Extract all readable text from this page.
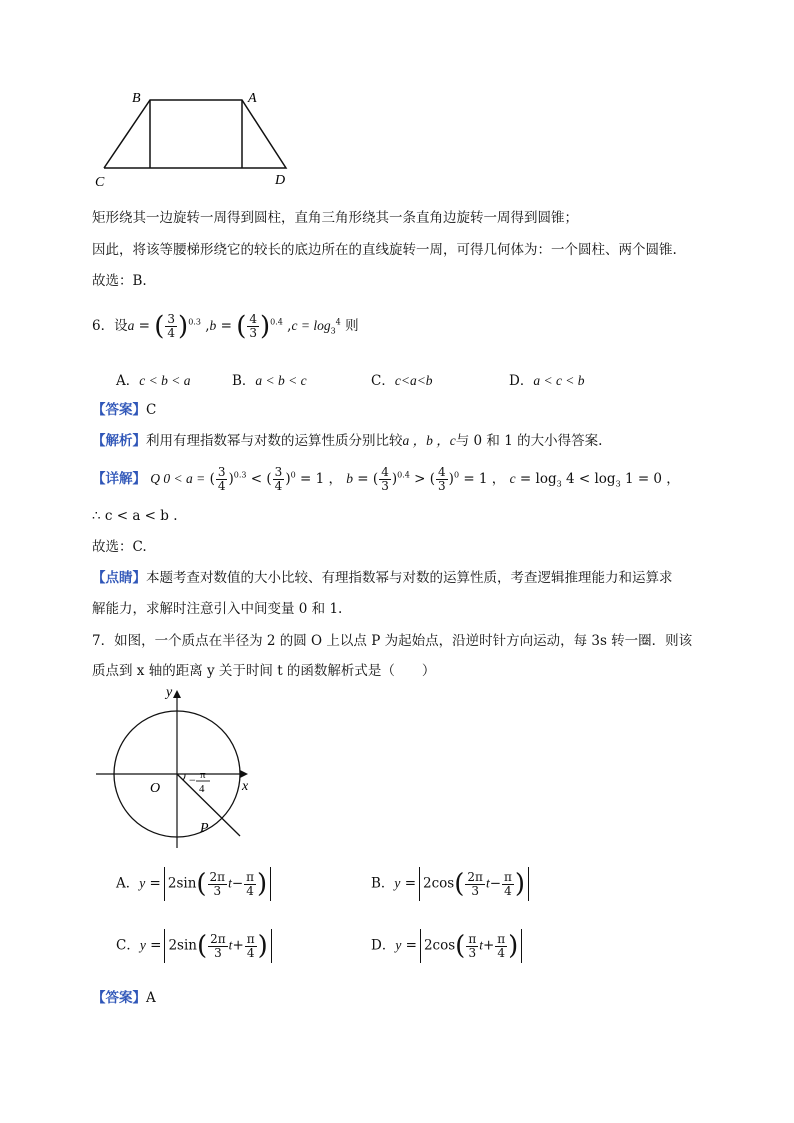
B	A
C	D
矩形绕其一边旋转一周得到圆柱，直角三角形绕其一条直角边旋转一周得到圆锥；
因此，将该等腰梯形绕它的较长的底边所在的直线旋转一周，可得几何体为：一个圆柱、两个圆锥.
故选：B.
6．设a = ( $\frac{3}{4} )^{0.3}$ ,b = ( $\frac{4}{3} )^{0.4}$ $,c = \log_3^4$ 则
A．c < b < a	B．a < b < c	C．c<a<b	D．a < c < b
【答案】C
【解析】利用有理指数幂与对数的运算性质分别比较a ，b ，c与 0 和 1 的大小得答案.
【详解】 Q 0 < a = ( $\frac{3}{4} )^{0.3}$ < ( $\frac{3}{4} )^0 = 1$ ， b = ( $\frac{4}{3} )^{0.4}$ > ( $\frac{4}{3} )^0 = 1$ ， $c = \log_3 4 < \log_3 1 = 0$ ，
∴ c < a < b .
故选：C.
【点睛】本题考查对数值的大小比较、有理指数幂与对数的运算性质，考查逻辑推理能力和运算求
解能力，求解时注意引入中间变量 0 和 1.
7．如图，一个质点在半径为 2 的圆 O 上以点 P 为起始点，沿逆时针方向运动，每 3s 转一圈．则该
质点到 x 轴的距离 y 关于时间 t 的函数解析式是（　　）
y
x
O
P
− π
4
A．$y = 2\sin( \frac{2\pi}{3} t- \frac{\pi}{4}$ )	B．$y = 2\cos( \frac{2\pi}{3} t- \frac{\pi}{4}$ )
C．$y = 2\sin( \frac{2\pi}{3} t+ \frac{\pi}{4}$ )	D．$y = 2\cos( \frac{\pi}{3} t+ \frac{\pi}{4}$ )
【答案】A
